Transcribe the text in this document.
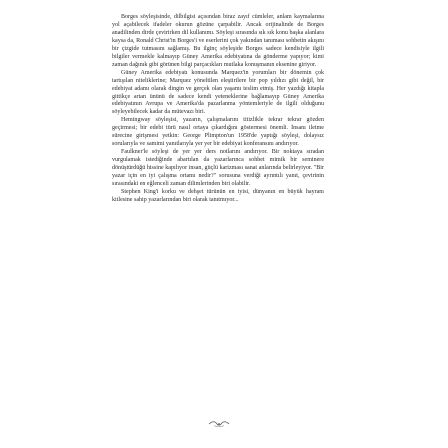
Borges söyleşisinde, dilbilgisi açısından biraz zayıf cümleler, anlam kaymalarına yol açabilecek ifadeler okurun gözüne çarpabilir. Ancak orijinalinde de Borges anadilinden dirde çevirirken dil kullanımı. Söyleşi sırasında sık sık konu başka alanlara kaysa da, Ronald Christ'in Borges'i ve eserlerini çok yakından tanıması sohbetin akışını bir çizgide tutmasını sağlamış. Bu ilginç söyleşide Borges sadece kendisiyle ilgili bilgiler vermekle kalmayıp Güney Amerika edebiyatına da gönderme yapıyor; kimi zaman dağınık gibi görünen bilgi parçacıkları mutlaka konuşmanın eksenine giriyor.

Güney Amerika edebiyatı konusunda Marquez'in yorumları bir dönemin çok tartışılan niteliklerine; Marquez yöneltilen eleştirilere bir pop yıldızı gibi değil, bir edebiyat adamı olarak dingin ve gerçek olan yaşamı teslim etmiş. Her yazdığı kitapla gittikçe artan ününü de sadece kendi yeteneklerine bağlamayıp Güney Amerika edebiyatının Avrupa ve Amerika'da pazarlanma yöntemleriyle de ilgili olduğunu söyleyebilecek kadar da mütevazı biri.

Hemingway söyleşisi, yazarın, çalışmalarını titizlikle tekrar tekrar gözden geçirmesi; bir edebi türü nasıl ortaya çıkardığını göstermesi önemli. İnsanı iletme sürecine girişmesi yetkin: George Plimpton'un 1958'de yaptığı söyleşi, dolaysız sorularıyla ve samimi yanıtlarıyla yer yer bir edebiyat konferansını andırıyor.

Faulkner'le söyleşi de yer yer ders notlarını andırıyor. Bir noktaya sıradan vurgulamak istediğinde abartılan da yazarlarınca sohbet mimik bir seminere dönüştürdüğü hissine kapılıyor insan, güçlü karizması sanat anlarında belirleyiyor. "Bir yazar için en iyi çalışma ortamı nedir?" sorusuna verdiği ayrıntılı yanıt, çevirinin sırasındaki en eğlenceli zaman dilimlerinden biri olabilir.

Stephen King'i korku ve dehşet türünün en iyisi, dünyanın en büyük hayranı kitlesine sahip yazarlarından biri olarak tanıtmıyor...
